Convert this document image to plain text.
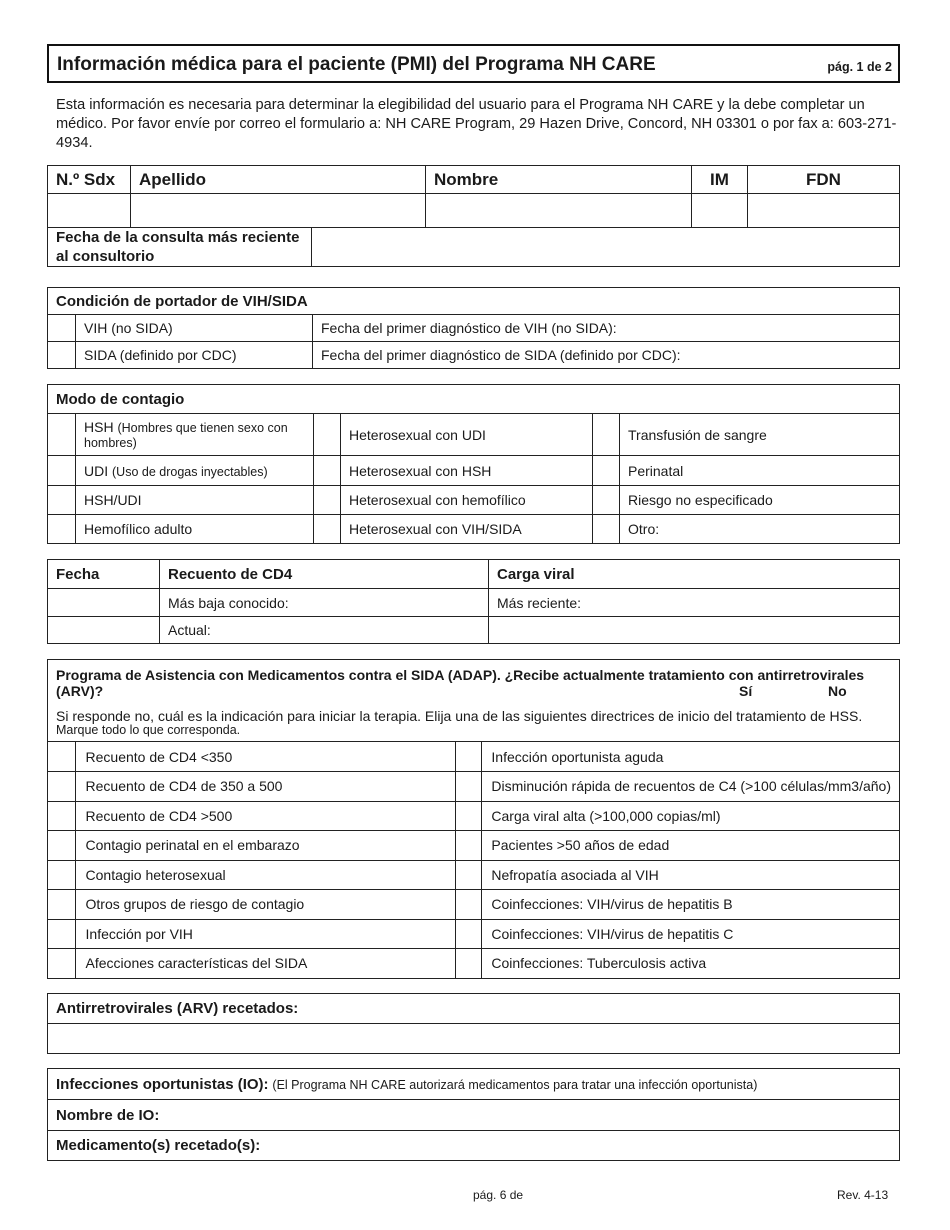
Información médica para el paciente (PMI) del Programa NH CARE	pág. 1 de 2
Esta información es necesaria para determinar la elegibilidad del usuario para el Programa NH CARE y la debe completar un médico. Por favor envíe por correo el formulario a: NH CARE Program, 29 Hazen Drive, Concord, NH 03301 o por fax a: 603-271-4934.
N.º Sdx	Apellido	Nombre	IM	FDN

Fecha de la consulta más reciente
al consultorio	
Condición de portador de VIH/SIDA		
	VIH (no SIDA)	Fecha del primer diagnóstico de VIH (no SIDA):
	SIDA (definido por CDC)	Fecha del primer diagnóstico de SIDA (definido por CDC):
Modo de contagio					
	HSH (Hombres que tienen sexo con hombres)		Heterosexual con UDI		Transfusión de sangre
	UDI (Uso de drogas inyectables)		Heterosexual con HSH		Perinatal
	HSH/UDI		Heterosexual con hemofílico		Riesgo no especificado
	Hemofílico adulto		Heterosexual con VIH/SIDA		Otro:
Fecha	Recuento de CD4	Carga viral
	Más baja conocido:	Más reciente:
	Actual:	
Programa de Asistencia con Medicamentos contra el SIDA (ADAP). ¿Recibe actualmente tratamiento con antirretrovirales (ARV)?	Sí	No
Si responde no, cuál es la indicación para iniciar la terapia. Elija una de las siguientes directrices de inicio del tratamiento de HSS.
Marque todo lo que corresponda.
	Recuento de CD4 <350		Infección oportunista aguda
	Recuento de CD4 de 350 a 500		Disminución rápida de recuentos de C4 (>100 células/mm3/año)
	Recuento de CD4 >500		Carga viral alta (>100,000 copias/ml)
	Contagio perinatal en el embarazo		Pacientes >50 años de edad
	Contagio heterosexual		Nefropatía asociada al VIH
	Otros grupos de riesgo de contagio		Coinfecciones: VIH/virus de hepatitis B
	Infección por VIH		Coinfecciones: VIH/virus de hepatitis C
	Afecciones características del SIDA		Coinfecciones: Tuberculosis activa
Antirretrovirales (ARV) recetados:

Infecciones oportunistas (IO): (El Programa NH CARE autorizará medicamentos para tratar una infección oportunista)
Nombre de IO:
Medicamento(s) recetado(s):
pág. 6 de	Rev. 4-13
